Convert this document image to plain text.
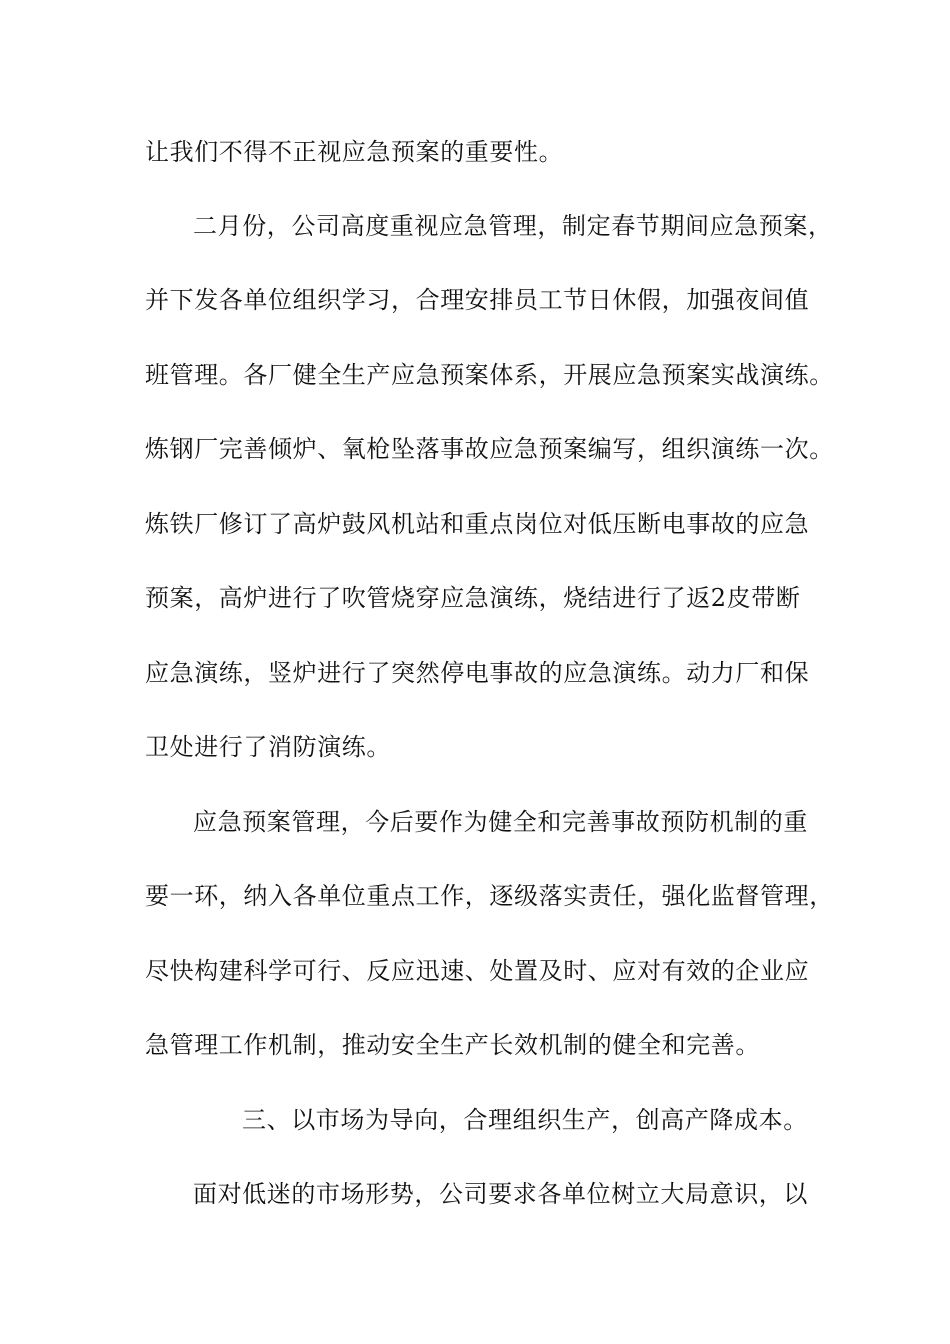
让我们不得不正视应急预案的重要性。
二月份，公司高度重视应急管理，制定春节期间应急预案，
并下发各单位组织学习，合理安排员工节日休假，加强夜间值
班管理。各厂健全生产应急预案体系，开展应急预案实战演练。
炼钢厂完善倾炉、氧枪坠落事故应急预案编写，组织演练一次。
炼铁厂修订了高炉鼓风机站和重点岗位对低压断电事故的应急
预案，高炉进行了吹管烧穿应急演练，烧结进行了返2皮带断
应急演练，竖炉进行了突然停电事故的应急演练。动力厂和保
卫处进行了消防演练。
应急预案管理，今后要作为健全和完善事故预防机制的重
要一环，纳入各单位重点工作，逐级落实责任，强化监督管理，
尽快构建科学可行、反应迅速、处置及时、应对有效的企业应
急管理工作机制，推动安全生产长效机制的健全和完善。
三、以市场为导向，合理组织生产，创高产降成本。
面对低迷的市场形势，公司要求各单位树立大局意识，以
